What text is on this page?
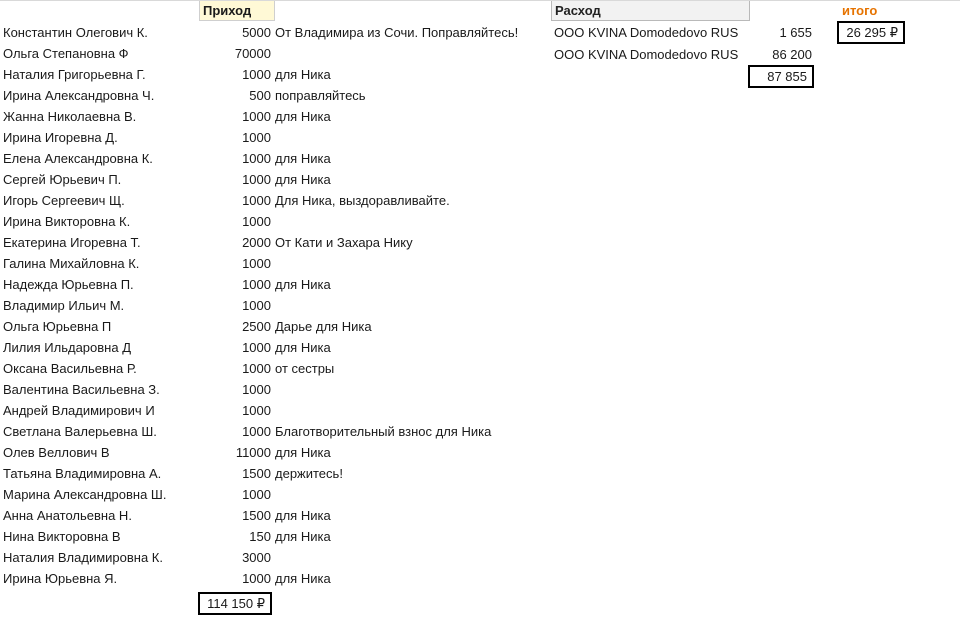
Приход	Расход	итого
26 295 ₽
ООО KVINA Domodedovo RUS	1 655
ООО KVINA Domodedovo RUS	86 200
87 855
Константин Олегович К.	5000 От Владимира из Сочи. Поправляйтесь!
Ольга Степановна Ф	70000
Наталия Григорьевна Г.	1000 для Ника
Ирина Александровна Ч.	500 поправляйтесь
Жанна Николаевна В.	1000 для Ника
Ирина Игоревна Д.	1000
Елена Александровна К.	1000 для Ника
Сергей Юрьевич П.	1000 для Ника
Игорь Сергеевич Щ.	1000 Для Ника, выздоравливайте.
Ирина Викторовна К.	1000
Екатерина Игоревна Т.	2000 От Кати и Захара Нику
Галина Михайловна К.	1000
Надежда Юрьевна П.	1000 для Ника
Владимир Ильич М.	1000
Ольга Юрьевна П	2500 Дарье для Ника
Лилия Ильдаровна Д	1000 для Ника
Оксана Васильевна Р.	1000 от сестры
Валентина Васильевна З.	1000
Андрей Владимирович И	1000
Светлана Валерьевна Ш.	1000 Благотворительный взнос для Ника
Олев Веллович В	11000 для Ника
Татьяна Владимировна А.	1500 держитесь!
Марина Александровна Ш.	1000
Анна Анатольевна Н.	1500 для Ника
Нина Викторовна В	150 для Ника
Наталия Владимировна К.	3000
Ирина Юрьевна Я.	1000 для Ника
114 150 ₽
